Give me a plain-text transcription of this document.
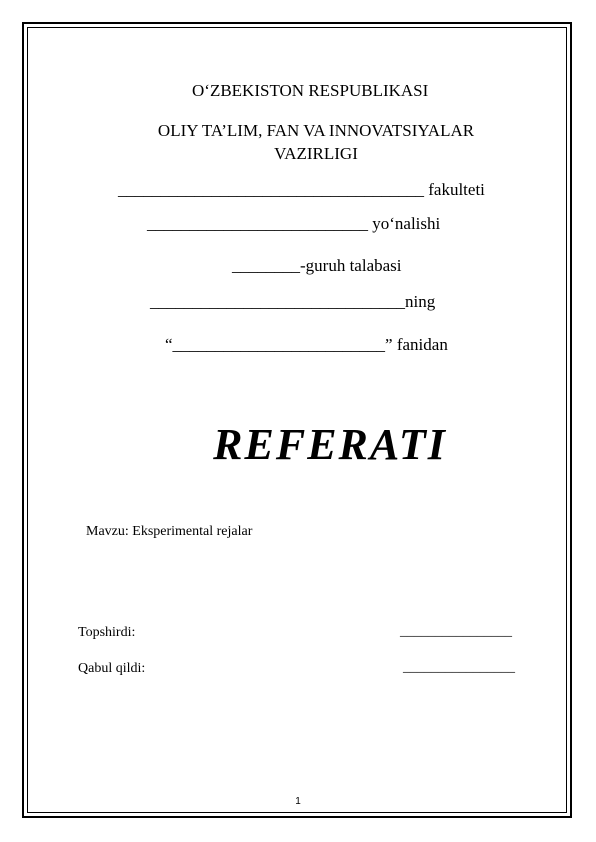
O‘ZBEKISTON RESPUBLIKASI
OLIY TA’LIM, FAN VA INNOVATSIYALAR
VAZIRLIGI
____________________________________ fakulteti
__________________________ yo‘nalishi
________-guruh talabasi
______________________________ning
“_________________________” fanidan
REFERATI
Mavzu: Eksperimental rejalar
Topshirdi:	________________
Qabul qildi:	________________
1
